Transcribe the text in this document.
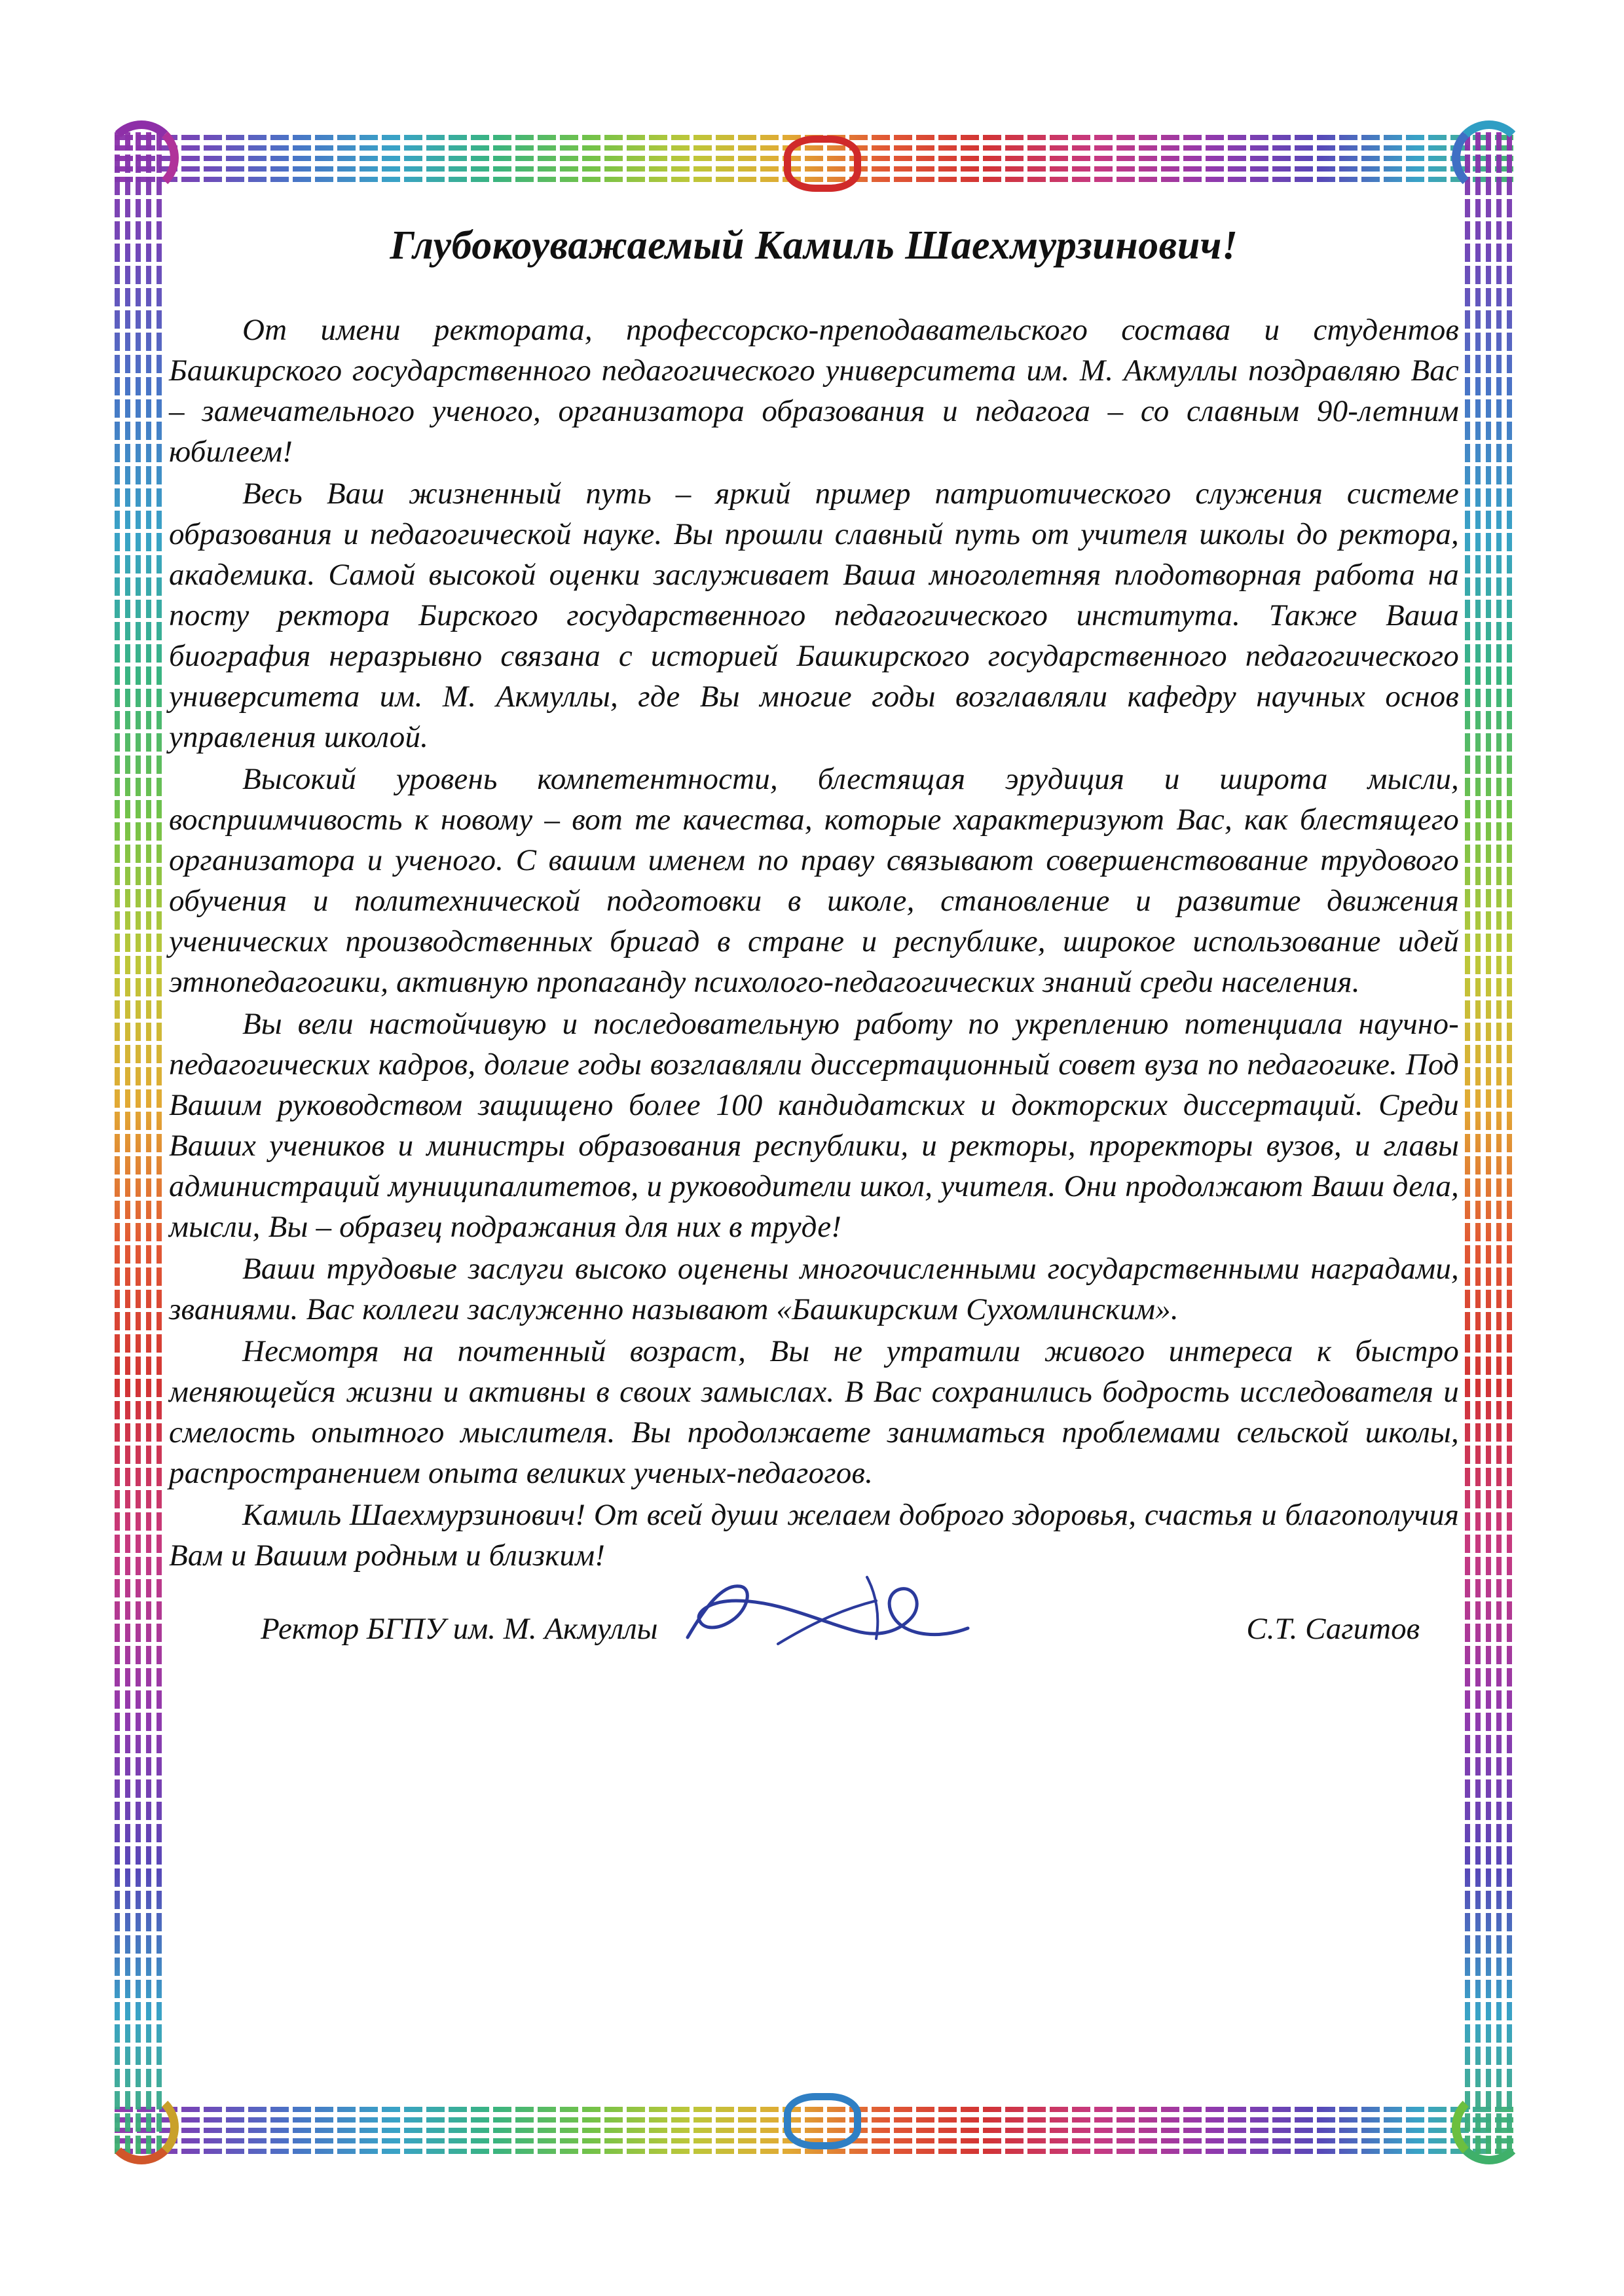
Глубокоуважаемый Камиль Шаехмурзинович!

От имени ректората, профессорско-преподавательского состава и студентов Башкирского государственного педагогического университета им. М. Акмуллы поздравляю Вас – замечательного ученого, организатора образования и педагога – со славным 90-летним юбилеем!

Весь Ваш жизненный путь – яркий пример патриотического служения системе образования и педагогической науке. Вы прошли славный путь от учителя школы до ректора, академика. Самой высокой оценки заслуживает Ваша многолетняя плодотворная работа на посту ректора Бирского государственного педагогического института. Также Ваша биография неразрывно связана с историей Башкирского государственного педагогического университета им. М. Акмуллы, где Вы многие годы возглавляли кафедру научных основ управления школой.

Высокий уровень компетентности, блестящая эрудиция и широта мысли, восприимчивость к новому – вот те качества, которые характеризуют Вас, как блестящего организатора и ученого. С вашим именем по праву связывают совершенствование трудового обучения и политехнической подготовки в школе, становление и развитие движения ученических производственных бригад в стране и республике, широкое использование идей этнопедагогики, активную пропаганду психолого-педагогических знаний среди населения.

Вы вели настойчивую и последовательную работу по укреплению потенциала научно-педагогических кадров, долгие годы возглавляли диссертационный совет вуза по педагогике. Под Вашим руководством защищено более 100 кандидатских и докторских диссертаций. Среди Ваших учеников и министры образования республики, и ректоры, проректоры вузов, и главы администраций муниципалитетов, и руководители школ, учителя. Они продолжают Ваши дела, мысли, Вы – образец подражания для них в труде!

Ваши трудовые заслуги высоко оценены многочисленными государственными наградами, званиями. Вас коллеги заслуженно называют «Башкирским Сухомлинским».

Несмотря на почтенный возраст, Вы не утратили живого интереса к быстро меняющейся жизни и активны в своих замыслах. В Вас сохранились бодрость исследователя и смелость опытного мыслителя. Вы продолжаете заниматься проблемами сельской школы, распространением опыта великих ученых-педагогов.

Камиль Шаехмурзинович! От всей души желаем доброго здоровья, счастья и благополучия Вам и Вашим родным и близким!

Ректор БГПУ им. М. Акмуллы	С.Т. Сагитов
